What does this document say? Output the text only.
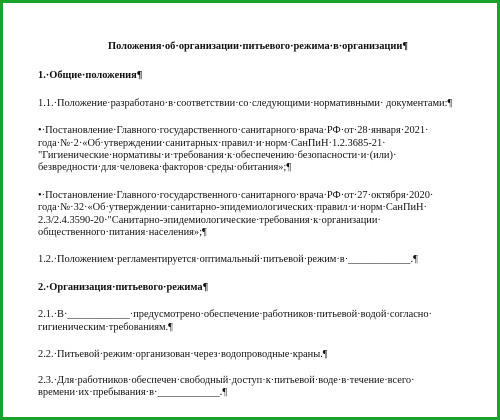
Положения·об·организации·питьевого·режима·в·организации¶
1.·Общие·положения¶
1.1.·Положение·разработано·в·соответствии·со·следующими·нормативными· документами:¶
•·Постановление·Главного·государственного·санитарного·врача·РФ·от·28·января·2021· года·№·2·«Об·утверждении·санитарных·правил·и·норм·СанПиН·1.2.3685-21· "Гигиенические·нормативы·и·требования·к·обеспечению·безопасности·и·(или)· безвредности·для·человека·факторов·среды·обитания»;¶
•·Постановление·Главного·государственного·санитарного·врача·РФ·от·27·октября·2020· года·№·32·«Об·утверждении·санитарно-эпидемиологических·правил·и·норм·СанПиН· 2.3/2.4.3590-20·"Санитарно-эпидемиологические·требования·к·организации· общественного·питания·населения»;¶
1.2.·Положением·регламентируется·оптимальный·питьевой·режим·в·____________.¶
2.·Организация·питьевого·режима¶
2.1.·В·____________·предусмотрено·обеспечение·работников·питьевой·водой·согласно· гигиеническим·требованиям.¶
2.2.·Питьевой·режим·организован·через·водопроводные·краны.¶
2.3.·Для·работников·обеспечен·свободный·доступ·к·питьевой·воде·в·течение·всего· времени·их·пребывания·в·____________.¶
